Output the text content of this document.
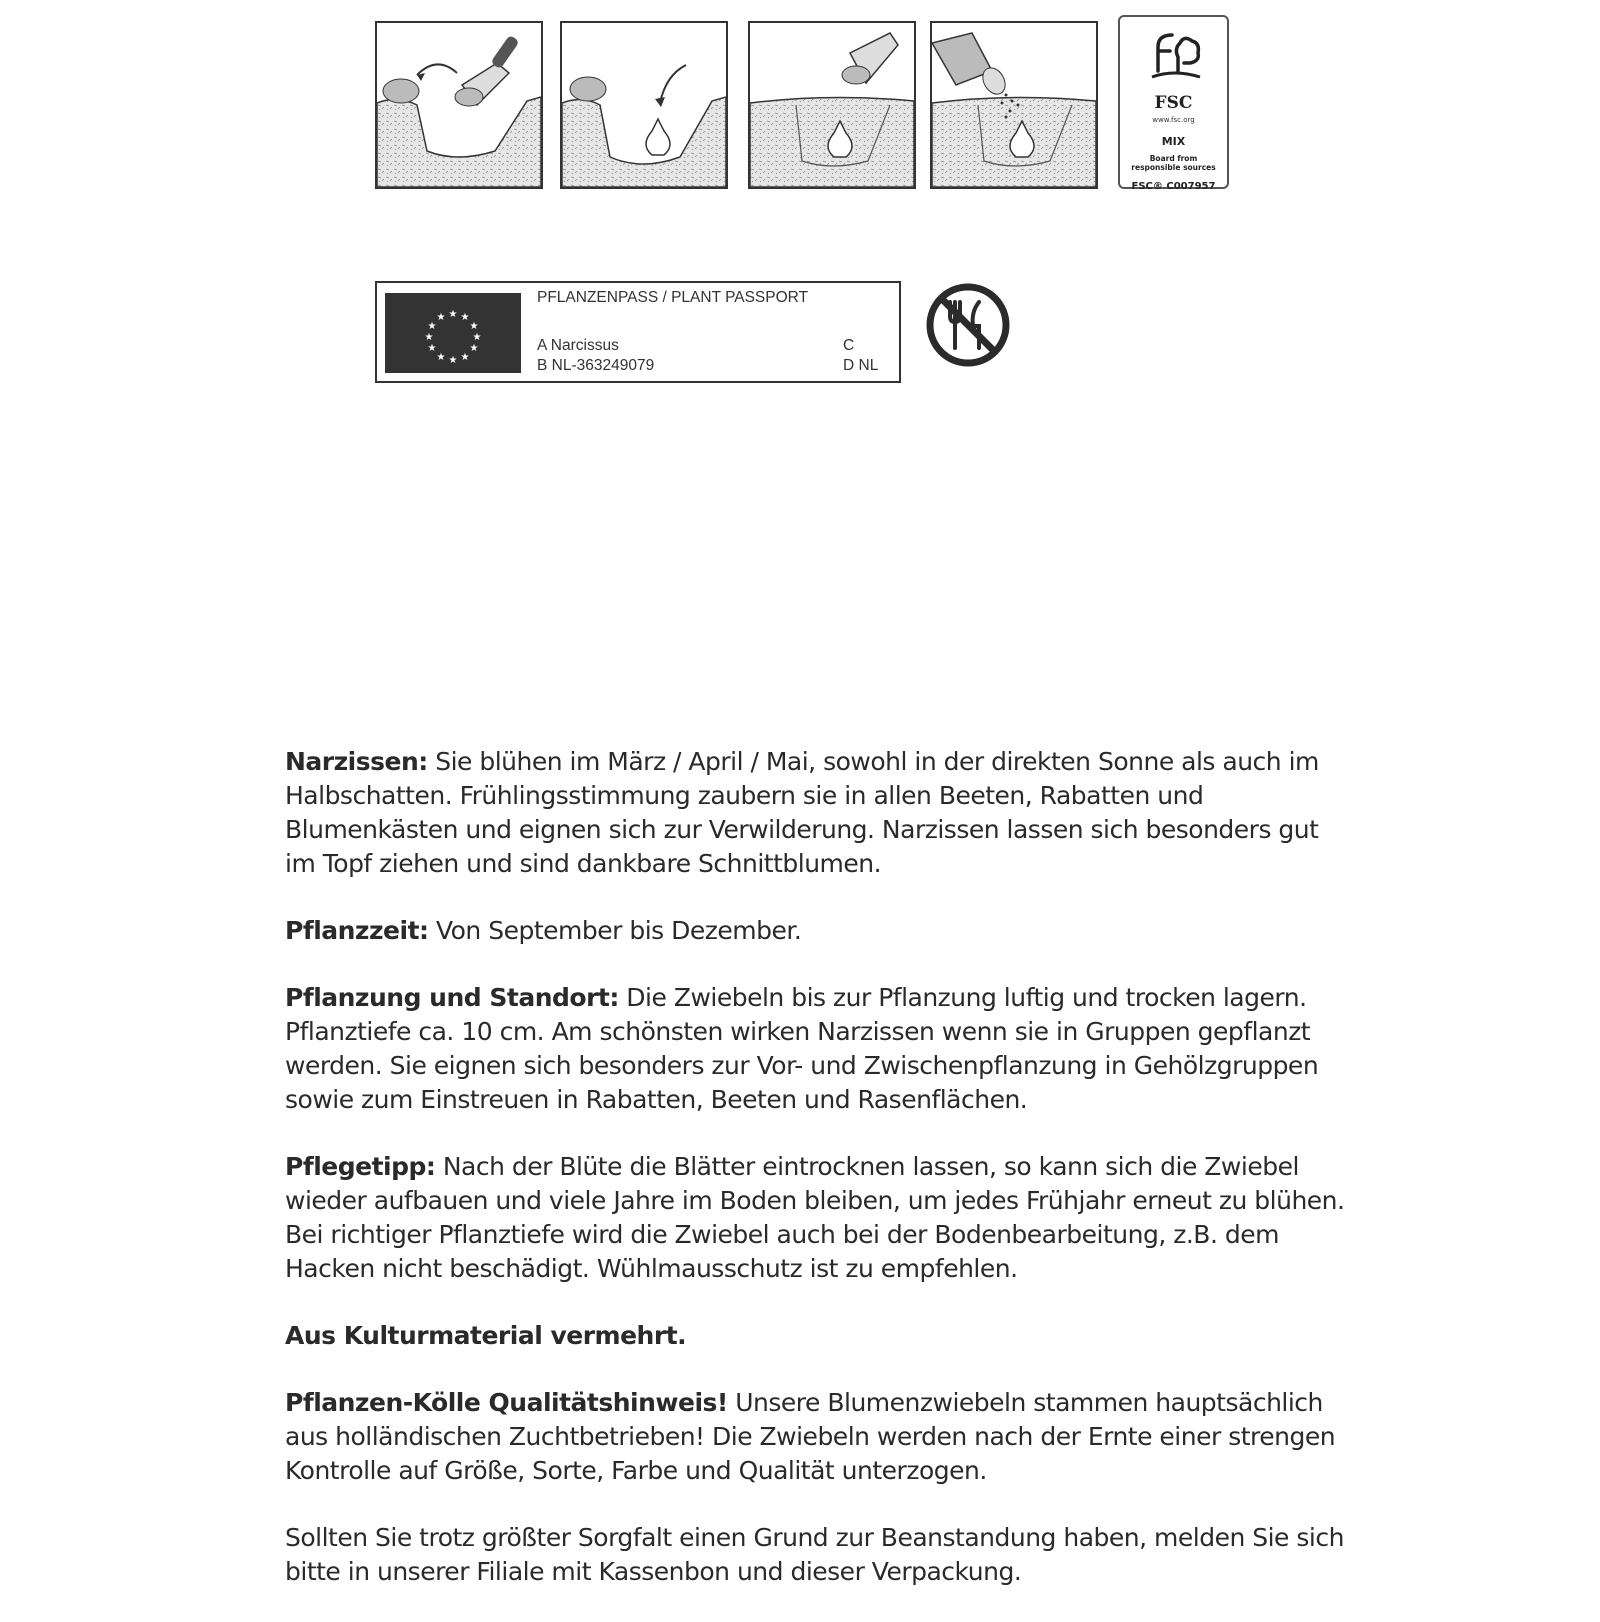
FSC
www.fsc.org
MIX
Board from
responsible sources
FSC® C007957
★ ★
★
★
★
★
★
★
★
★
★
★
PFLANZENPASS / PLANT PASSPORT
A Narcissus
B NL-363249079
C
D NL

Narzissen: Sie blühen im März / April / Mai, sowohl in der direkten Sonne als auch im Halbschatten. Frühlingsstimmung zaubern sie in allen Beeten, Rabatten und Blumenkästen und eignen sich zur Verwilderung. Narzissen lassen sich besonders gut im Topf ziehen und sind dankbare Schnittblumen.

Pflanzzeit: Von September bis Dezember.

Pflanzung und Standort: Die Zwiebeln bis zur Pflanzung luftig und trocken lagern. Pflanztiefe ca. 10 cm. Am schönsten wirken Narzissen wenn sie in Gruppen gepflanzt werden. Sie eignen sich besonders zur Vor- und Zwischenpflanzung in Gehölzgruppen sowie zum Einstreuen in Rabatten, Beeten und Rasenflächen.

Pflegetipp: Nach der Blüte die Blätter eintrocknen lassen, so kann sich die Zwiebel wieder aufbauen und viele Jahre im Boden bleiben, um jedes Frühjahr erneut zu blühen. Bei richtiger Pflanztiefe wird die Zwiebel auch bei der Bodenbearbeitung, z.B. dem Hacken nicht beschädigt. Wühlmausschutz ist zu empfehlen.

Aus Kulturmaterial vermehrt.

Pflanzen-Kölle Qualitätshinweis! Unsere Blumenzwiebeln stammen hauptsächlich aus holländischen Zuchtbetrieben! Die Zwiebeln werden nach der Ernte einer strengen Kontrolle auf Größe, Sorte, Farbe und Qualität unterzogen.

Sollten Sie trotz größter Sorgfalt einen Grund zur Beanstandung haben, melden Sie sich bitte in unserer Filiale mit Kassenbon und dieser Verpackung.
